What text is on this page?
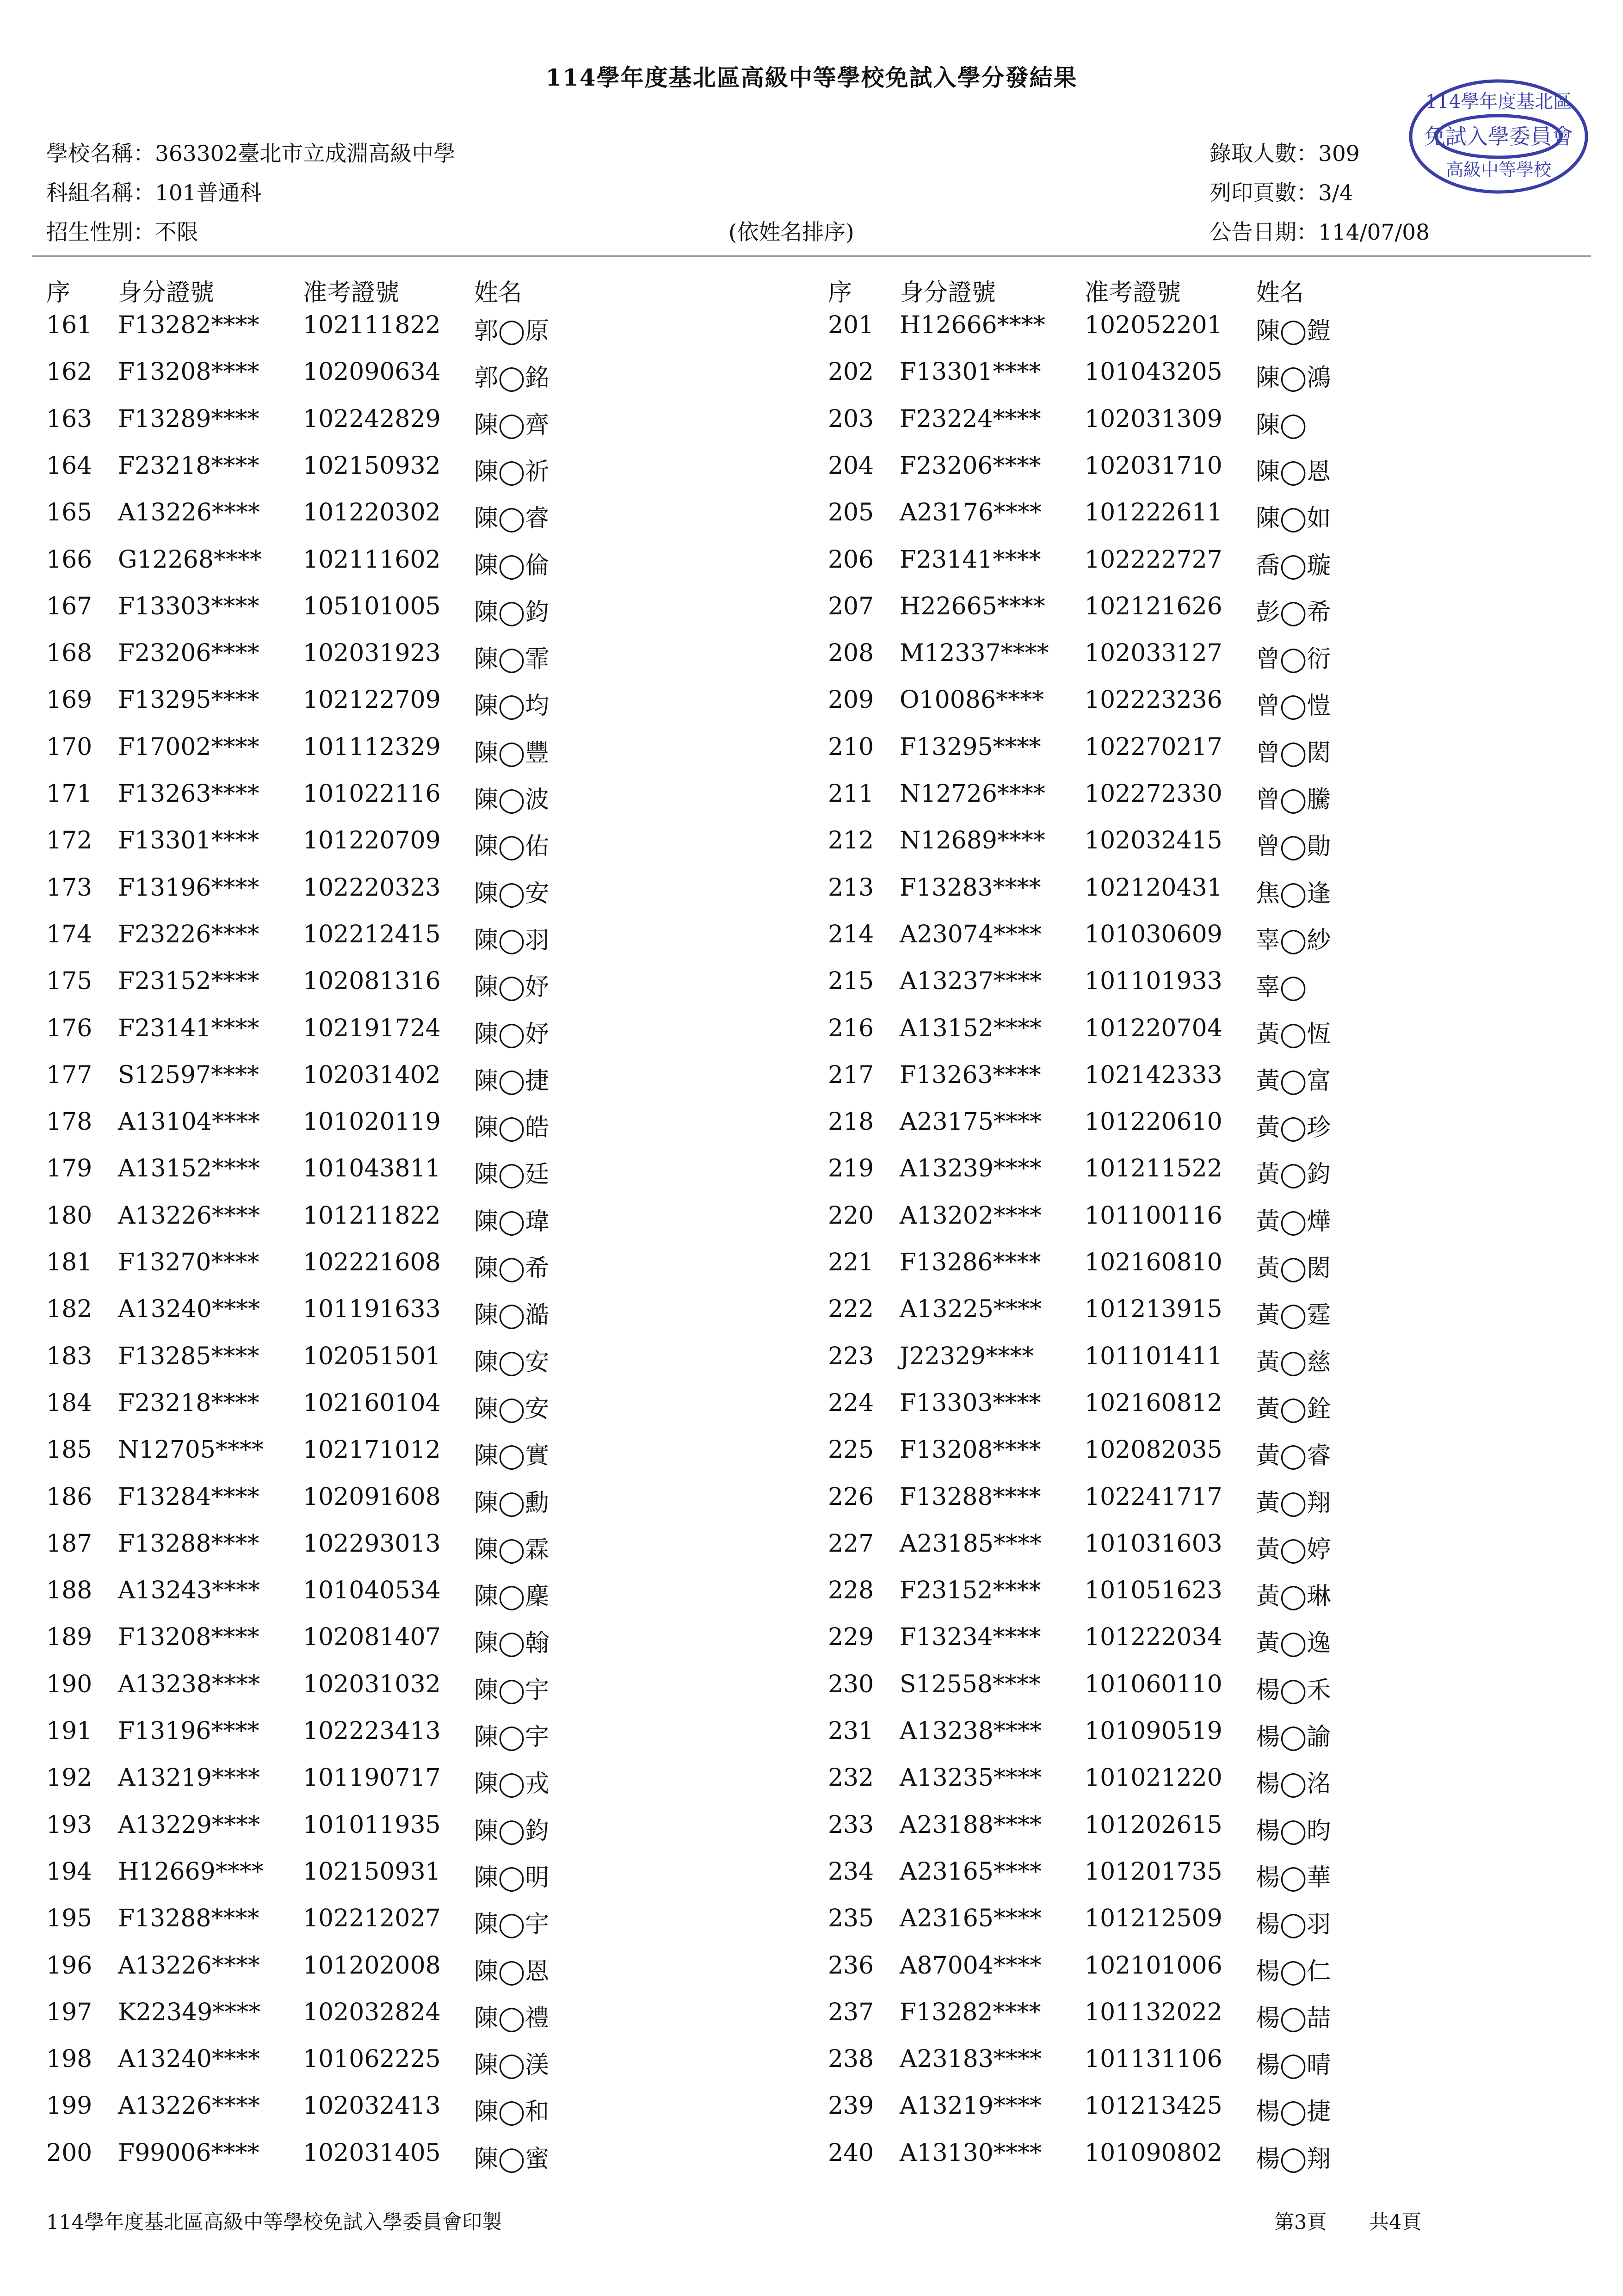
114學年度基北區高級中等學校免試入學分發結果
學校名稱：363302臺北市立成淵高級中學
科組名稱：101普通科
招生性別：不限	(依姓名排序)
錄取人數：309
列印頁數：3/4
公告日期：114/07/08
114學年度基北區
免試入學委員會
高級中等學校
序 身分證號	准考證號	姓名	序 身分證號	准考證號	姓名
161 F13282**** 102111822 郭◯原
162 F13208**** 102090634 郭◯銘
163 F13289**** 102242829 陳◯齊
164 F23218**** 102150932 陳◯祈
165 A13226**** 101220302 陳◯睿
166 G12268**** 102111602 陳◯倫
167 F13303**** 105101005 陳◯鈞
168 F23206**** 102031923 陳◯霏
169 F13295**** 102122709 陳◯均
170 F17002**** 101112329 陳◯豐
171 F13263**** 101022116 陳◯波
172 F13301**** 101220709 陳◯佑
173 F13196**** 102220323 陳◯安
174 F23226**** 102212415 陳◯羽
175 F23152**** 102081316 陳◯妤
176 F23141**** 102191724 陳◯妤
177 S12597**** 102031402 陳◯捷
178 A13104**** 101020119 陳◯皓
179 A13152**** 101043811 陳◯廷
180 A13226**** 101211822 陳◯瑋
181 F13270**** 102221608 陳◯希
182 A13240**** 101191633 陳◯澔
183 F13285**** 102051501 陳◯安
184 F23218**** 102160104 陳◯安
185 N12705**** 102171012 陳◯實
186 F13284**** 102091608 陳◯勳
187 F13288**** 102293013 陳◯霖
188 A13243**** 101040534 陳◯麇
189 F13208**** 102081407 陳◯翰
190 A13238**** 102031032 陳◯宇
191 F13196**** 102223413 陳◯宇
192 A13219**** 101190717 陳◯戎
193 A13229**** 101011935 陳◯鈞
194 H12669**** 102150931 陳◯明
195 F13288**** 102212027 陳◯宇
196 A13226**** 101202008 陳◯恩
197 K22349**** 102032824 陳◯禮
198 A13240**** 101062225 陳◯渼
199 A13226**** 102032413 陳◯和
200 F99006**** 102031405 陳◯蜜
201 H12666**** 102052201 陳◯鎧
202 F13301**** 101043205 陳◯鴻
203 F23224**** 102031309 陳◯
204 F23206**** 102031710 陳◯恩
205 A23176**** 101222611 陳◯如
206 F23141**** 102222727 喬◯璇
207 H22665**** 102121626 彭◯希
208 M12337**** 102033127 曾◯衍
209 O10086**** 102223236 曾◯愷
210 F13295**** 102270217 曾◯閎
211 N12726**** 102272330 曾◯騰
212 N12689**** 102032415 曾◯勛
213 F13283**** 102120431 焦◯逢
214 A23074**** 101030609 辜◯紗
215 A13237**** 101101933 辜◯
216 A13152**** 101220704 黃◯恆
217 F13263**** 102142333 黃◯富
218 A23175**** 101220610 黃◯珍
219 A13239**** 101211522 黃◯鈞
220 A13202**** 101100116 黃◯燁
221 F13286**** 102160810 黃◯閎
222 A13225**** 101213915 黃◯霆
223 J22329**** 101101411 黃◯慈
224 F13303**** 102160812 黃◯銓
225 F13208**** 102082035 黃◯睿
226 F13288**** 102241717 黃◯翔
227 A23185**** 101031603 黃◯婷
228 F23152**** 101051623 黃◯琳
229 F13234**** 101222034 黃◯逸
230 S12558**** 101060110 楊◯禾
231 A13238**** 101090519 楊◯諭
232 A13235**** 101021220 楊◯洺
233 A23188**** 101202615 楊◯昀
234 A23165**** 101201735 楊◯華
235 A23165**** 101212509 楊◯羽
236 A87004**** 102101006 楊◯仁
237 F13282**** 101132022 楊◯喆
238 A23183**** 101131106 楊◯晴
239 A13219**** 101213425 楊◯捷
240 A13130**** 101090802 楊◯翔
114學年度基北區高級中等學校免試入學委員會印製	第3頁 共4頁
